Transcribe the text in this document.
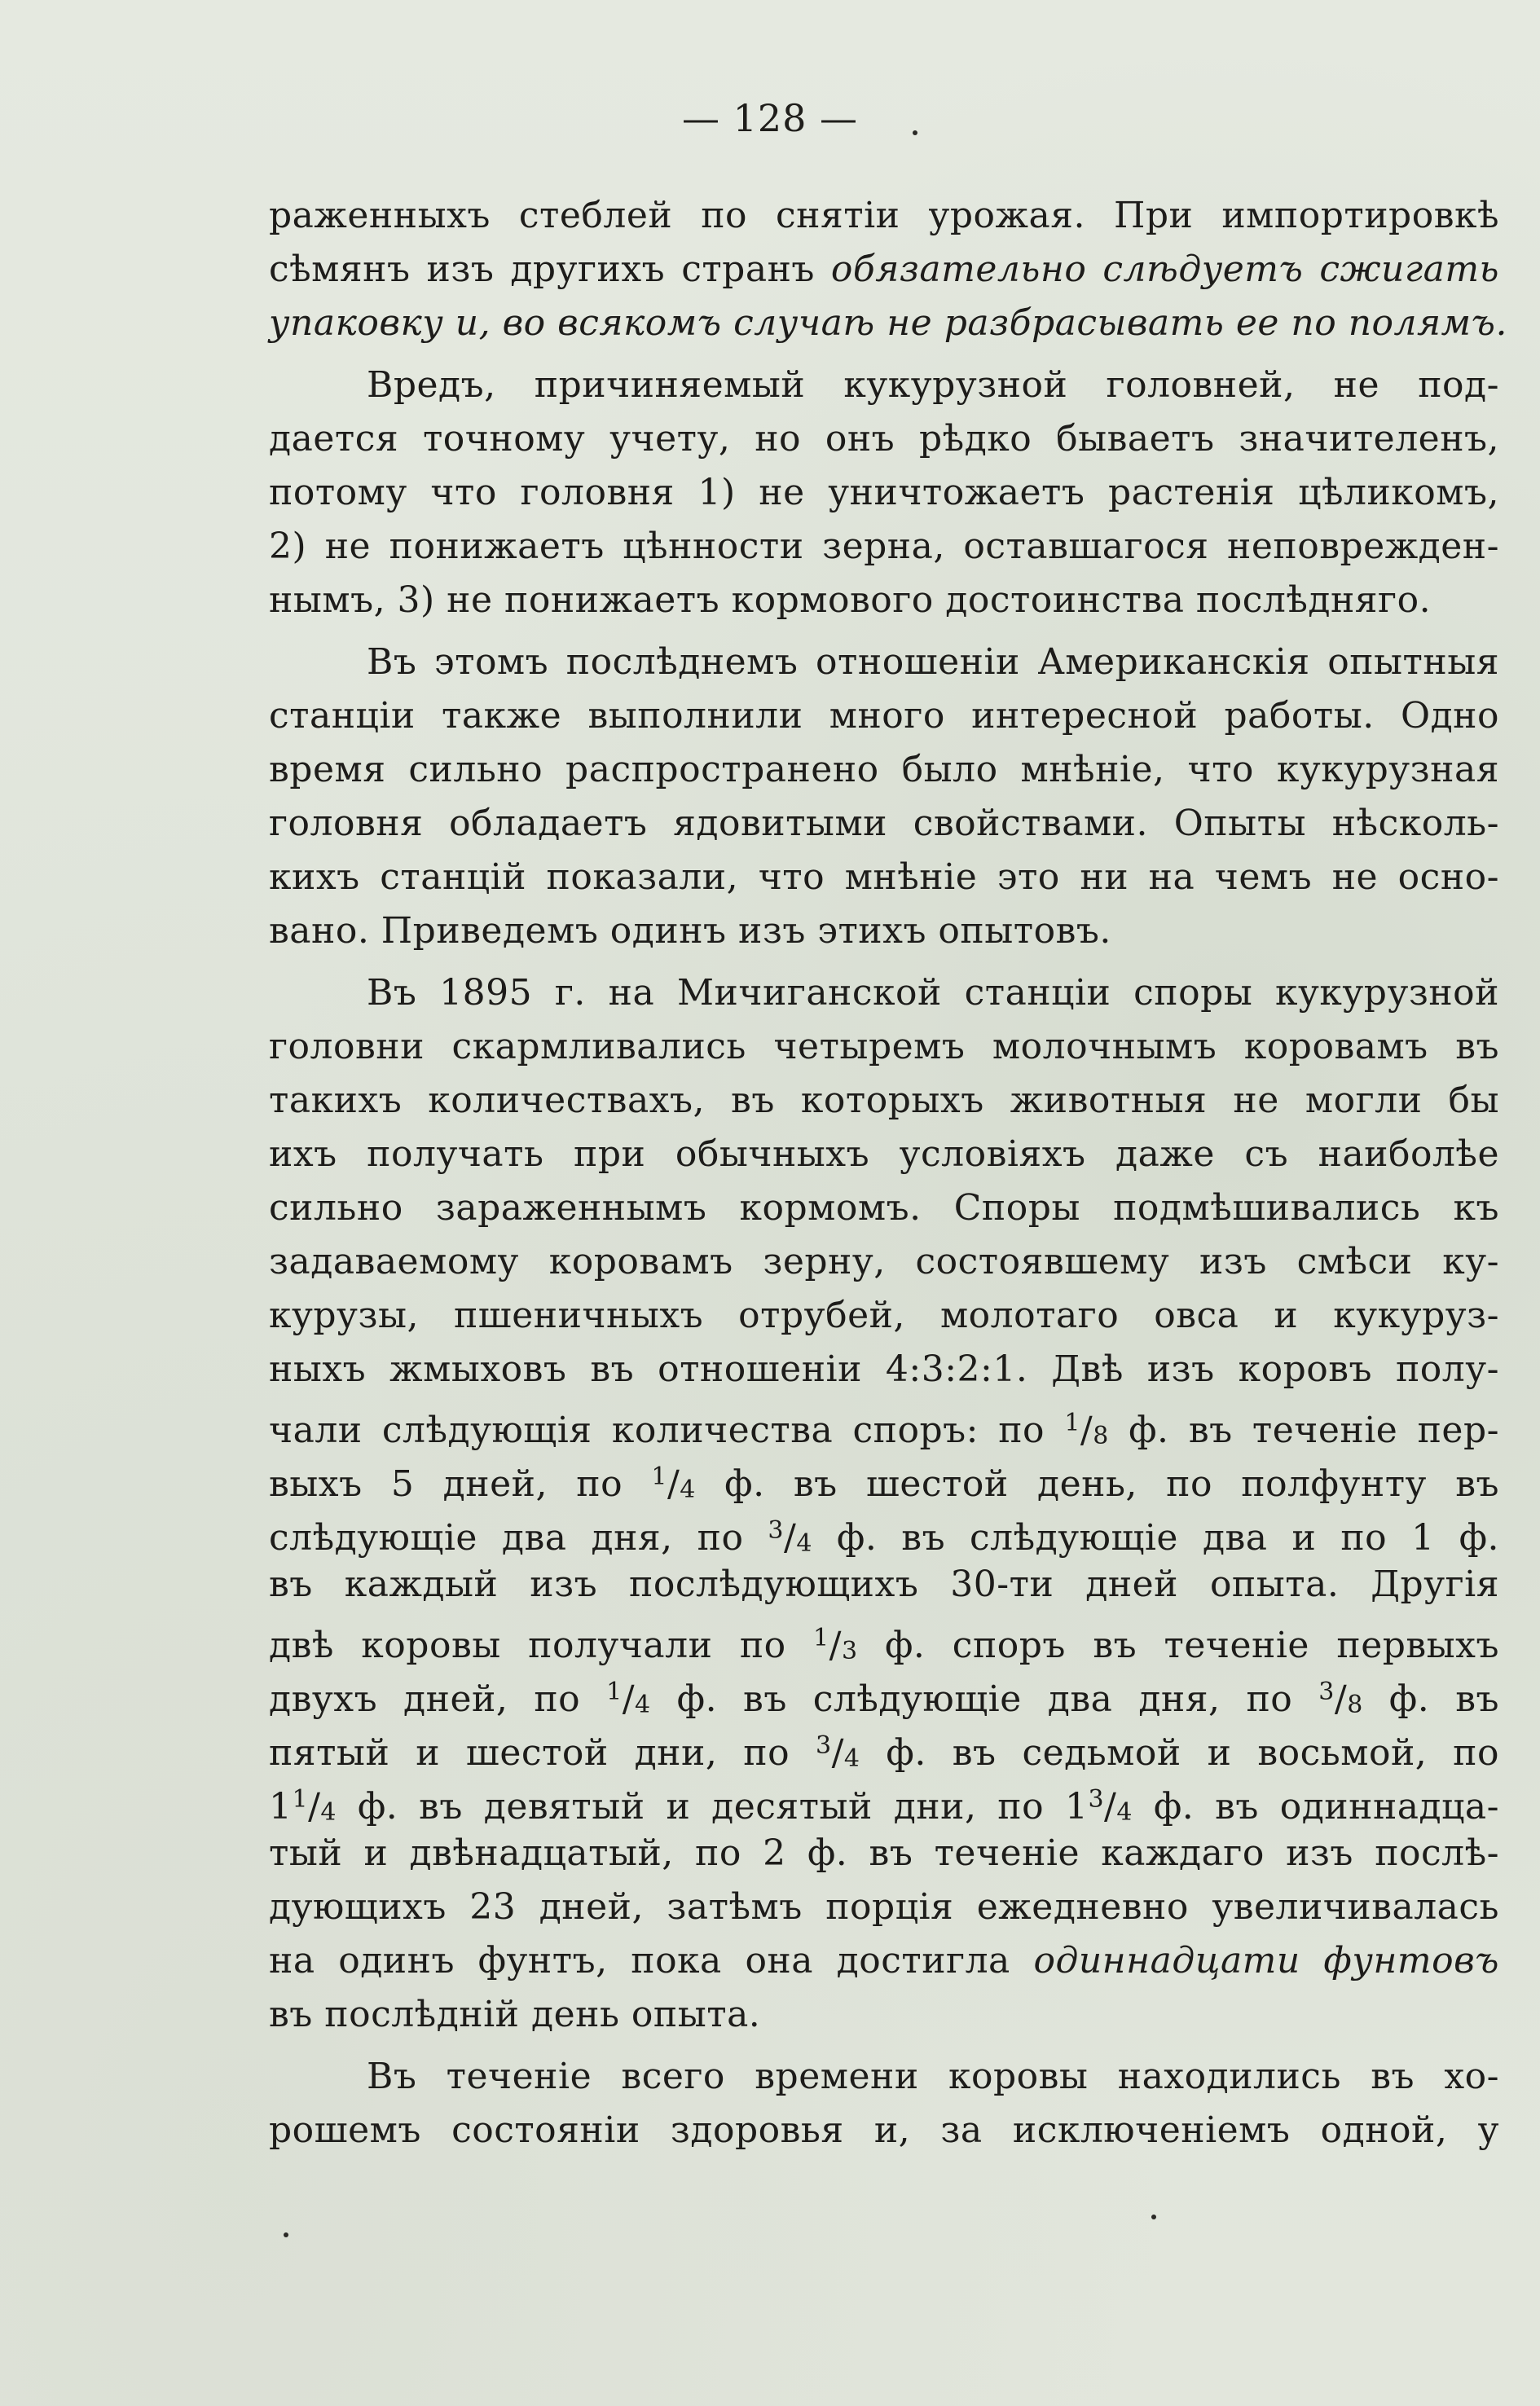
— 128 —
раженныхъ стеблей по снятіи урожая. При импортировкѣ
сѣмянъ изъ другихъ странъ обязательно слѣдуетъ сжигать
упаковку и, во всякомъ случаѣ не разбрасывать ее по полямъ.
Вредъ, причиняемый кукурузной головней, не под-
дается точному учету, но онъ рѣдко бываетъ значителенъ,
потому что головня 1) не уничтожаетъ растенія цѣликомъ,
2) не понижаетъ цѣнности зерна, оставшагося неповрежден-
нымъ, 3) не понижаетъ кормового достоинства послѣдняго.
Въ этомъ послѣднемъ отношеніи Американскія опытныя
станціи также выполнили много интересной работы. Одно
время сильно распространено было мнѣніе, что кукурузная
головня обладаетъ ядовитыми свойствами. Опыты нѣсколь-
кихъ станцій показали, что мнѣніе это ни на чемъ не осно-
вано. Приведемъ одинъ изъ этихъ опытовъ.
Въ 1895 г. на Мичиганской станціи споры кукурузной
головни скармливались четыремъ молочнымъ коровамъ въ
такихъ количествахъ, въ которыхъ животныя не могли бы
ихъ получать при обычныхъ условіяхъ даже съ наиболѣе
сильно зараженнымъ кормомъ. Споры подмѣшивались къ
задаваемому коровамъ зерну, состоявшему изъ смѣси ку-
курузы, пшеничныхъ отрубей, молотаго овса и кукуруз-
ныхъ жмыховъ въ отношеніи 4:3:2:1. Двѣ изъ коровъ полу-
чали слѣдующія количества споръ: по $^1$/8 ф. въ теченіе пер-
выхъ 5 дней, по $^1$/4 ф. въ шестой день, по полфунту въ
слѣдующіе два дня, по $^3$/4 ф. въ слѣдующіе два и по 1 ф.
въ каждый изъ послѣдующихъ 30-ти дней опыта. Другія
двѣ коровы получали по $^1$/3 ф. споръ въ теченіе первыхъ
двухъ дней, по $^1$/4 ф. въ слѣдующіе два дня, по $^3$/8 ф. въ
пятый и шестой дни, по $^3$/4 ф. въ седьмой и восьмой, по
1$^1$/4 ф. въ девятый и десятый дни, по 1$^3$/4 ф. въ одиннадца-
тый и двѣнадцатый, по 2 ф. въ теченіе каждаго изъ послѣ-
дующихъ 23 дней, затѣмъ порція ежедневно увеличивалась
на одинъ фунтъ, пока она достигла одиннадцати фунтовъ
въ послѣдній день опыта.
Въ теченіе всего времени коровы находились въ хо-
рошемъ состояніи здоровья и, за исключеніемъ одной, у
